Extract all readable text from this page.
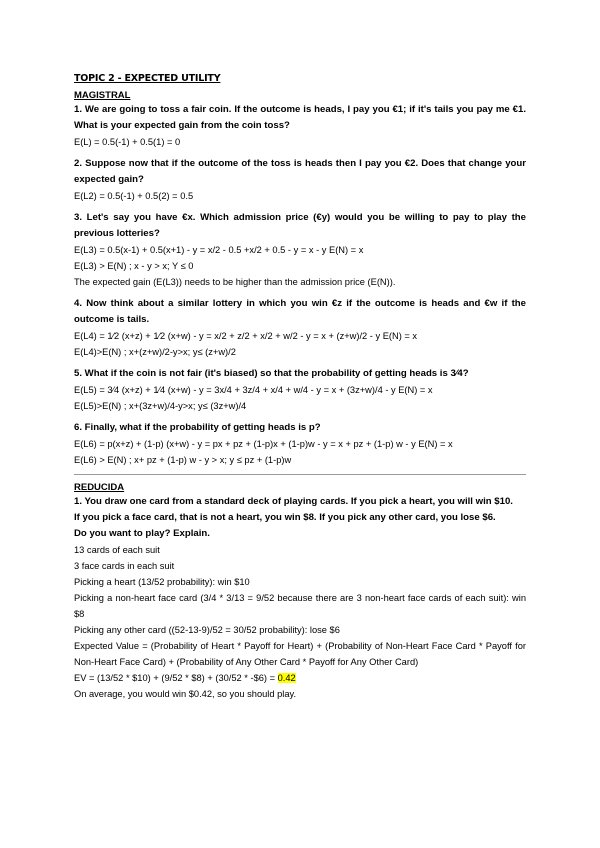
TOPIC 2 - EXPECTED UTILITY

MAGISTRAL

1. We are going to toss a fair coin. If the outcome is heads, I pay you €1; if it's tails you pay me €1. What is your expected gain from the coin toss?

E(L) = 0.5(-1) + 0.5(1) = 0

2. Suppose now that if the outcome of the toss is heads then I pay you €2. Does that change your expected gain?

E(L2) = 0.5(-1) + 0.5(2) = 0.5

3. Let's say you have €x. Which admission price (€y) would you be willing to pay to play the previous lotteries?

E(L3) = 0.5(x-1) + 0.5(x+1) - y = x/2 - 0.5 +x/2 + 0.5 - y = x - y E(N) = x

E(L3) > E(N) ; x - y > x; Y ≤ 0

The expected gain (E(L3)) needs to be higher than the admission price (E(N)).

4. Now think about a similar lottery in which you win €z if the outcome is heads and €w if the outcome is tails.

E(L4) = 1⁄2 (x+z) + 1⁄2 (x+w) - y = x/2 + z/2 + x/2 + w/2 - y = x + (z+w)/2 - y E(N) = x

E(L4)>E(N) ; x+(z+w)/2-y>x; y≤ (z+w)/2

5. What if the coin is not fair (it's biased) so that the probability of getting heads is 3⁄4?

E(L5) = 3⁄4 (x+z) + 1⁄4 (x+w) - y = 3x/4 + 3z/4 + x/4 + w/4 - y = x + (3z+w)/4 - y E(N) = x

E(L5)>E(N) ; x+(3z+w)/4-y>x; y≤ (3z+w)/4

6. Finally, what if the probability of getting heads is p?

E(L6) = p(x+z) + (1-p) (x+w) - y = px + pz + (1-p)x + (1-p)w - y = x + pz + (1-p) w - y E(N) = x

E(L6) > E(N) ; x+ pz + (1-p) w - y > x; y ≤ pz + (1-p)w

REDUCIDA

1. You draw one card from a standard deck of playing cards. If you pick a heart, you will win $10.

If you pick a face card, that is not a heart, you win $8. If you pick any other card, you lose $6.

Do you want to play? Explain.

13 cards of each suit

3 face cards in each suit

Picking a heart (13/52 probability): win $10

Picking a non-heart face card (3/4 * 3/13 = 9/52 because there are 3 non-heart face cards of each suit): win $8

Picking any other card ((52-13-9)/52 = 30/52 probability): lose $6

Expected Value = (Probability of Heart * Payoff for Heart) + (Probability of Non-Heart Face Card * Payoff for Non-Heart Face Card) + (Probability of Any Other Card * Payoff for Any Other Card)

EV = (13/52 * $10) + (9/52 * $8) + (30/52 * -$6) = 0.42

On average, you would win $0.42, so you should play.
